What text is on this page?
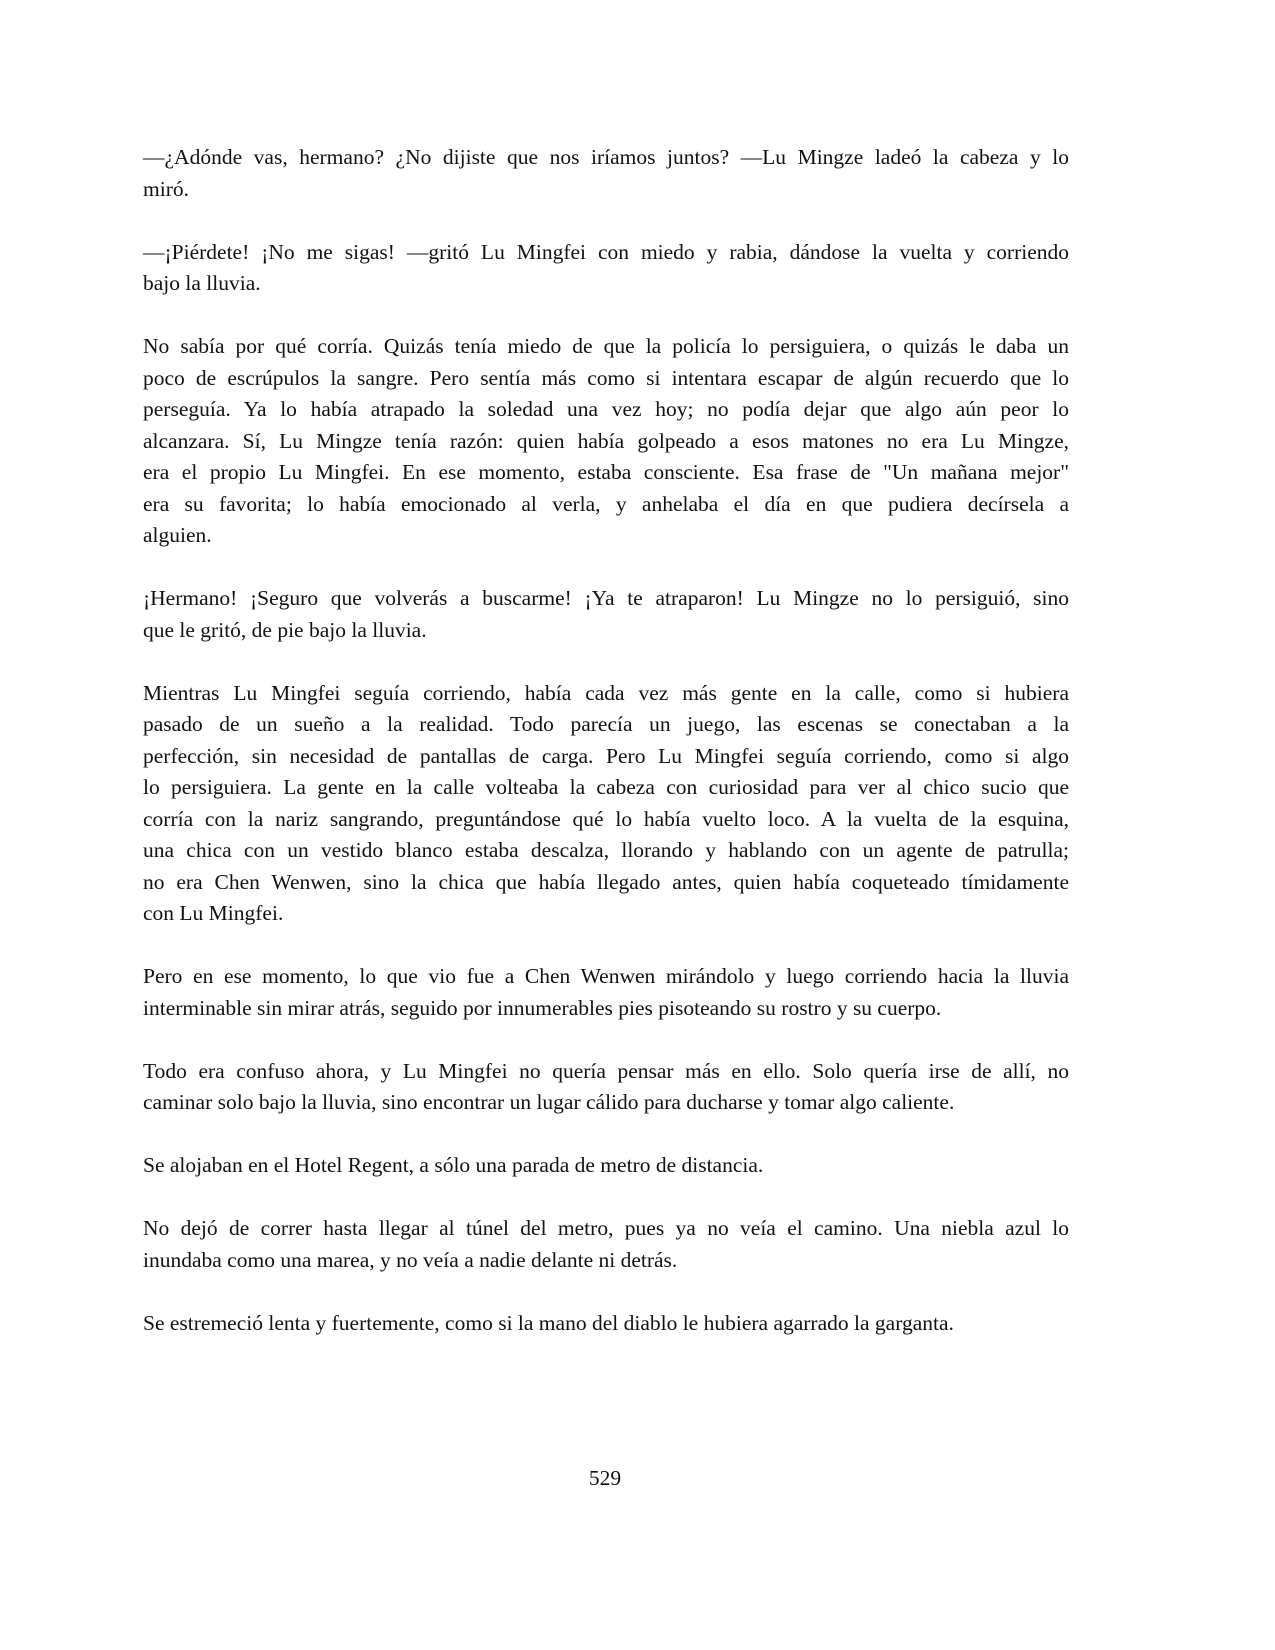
—¿Adónde vas, hermano? ¿No dijiste que nos iríamos juntos? —Lu Mingze ladeó la cabeza y lo
miró.
—¡Piérdete! ¡No me sigas! —gritó Lu Mingfei con miedo y rabia, dándose la vuelta y corriendo
bajo la lluvia.
No sabía por qué corría. Quizás tenía miedo de que la policía lo persiguiera, o quizás le daba un
poco de escrúpulos la sangre. Pero sentía más como si intentara escapar de algún recuerdo que lo
perseguía. Ya lo había atrapado la soledad una vez hoy; no podía dejar que algo aún peor lo
alcanzara. Sí, Lu Mingze tenía razón: quien había golpeado a esos matones no era Lu Mingze,
era el propio Lu Mingfei. En ese momento, estaba consciente. Esa frase de "Un mañana mejor"
era su favorita; lo había emocionado al verla, y anhelaba el día en que pudiera decírsela a
alguien.
¡Hermano! ¡Seguro que volverás a buscarme! ¡Ya te atraparon! Lu Mingze no lo persiguió, sino
que le gritó, de pie bajo la lluvia.
Mientras Lu Mingfei seguía corriendo, había cada vez más gente en la calle, como si hubiera
pasado de un sueño a la realidad. Todo parecía un juego, las escenas se conectaban a la
perfección, sin necesidad de pantallas de carga. Pero Lu Mingfei seguía corriendo, como si algo
lo persiguiera. La gente en la calle volteaba la cabeza con curiosidad para ver al chico sucio que
corría con la nariz sangrando, preguntándose qué lo había vuelto loco. A la vuelta de la esquina,
una chica con un vestido blanco estaba descalza, llorando y hablando con un agente de patrulla;
no era Chen Wenwen, sino la chica que había llegado antes, quien había coqueteado tímidamente
con Lu Mingfei.
Pero en ese momento, lo que vio fue a Chen Wenwen mirándolo y luego corriendo hacia la lluvia
interminable sin mirar atrás, seguido por innumerables pies pisoteando su rostro y su cuerpo.
Todo era confuso ahora, y Lu Mingfei no quería pensar más en ello. Solo quería irse de allí, no
caminar solo bajo la lluvia, sino encontrar un lugar cálido para ducharse y tomar algo caliente.
Se alojaban en el Hotel Regent, a sólo una parada de metro de distancia.
No dejó de correr hasta llegar al túnel del metro, pues ya no veía el camino. Una niebla azul lo
inundaba como una marea, y no veía a nadie delante ni detrás.
Se estremeció lenta y fuertemente, como si la mano del diablo le hubiera agarrado la garganta.
529
